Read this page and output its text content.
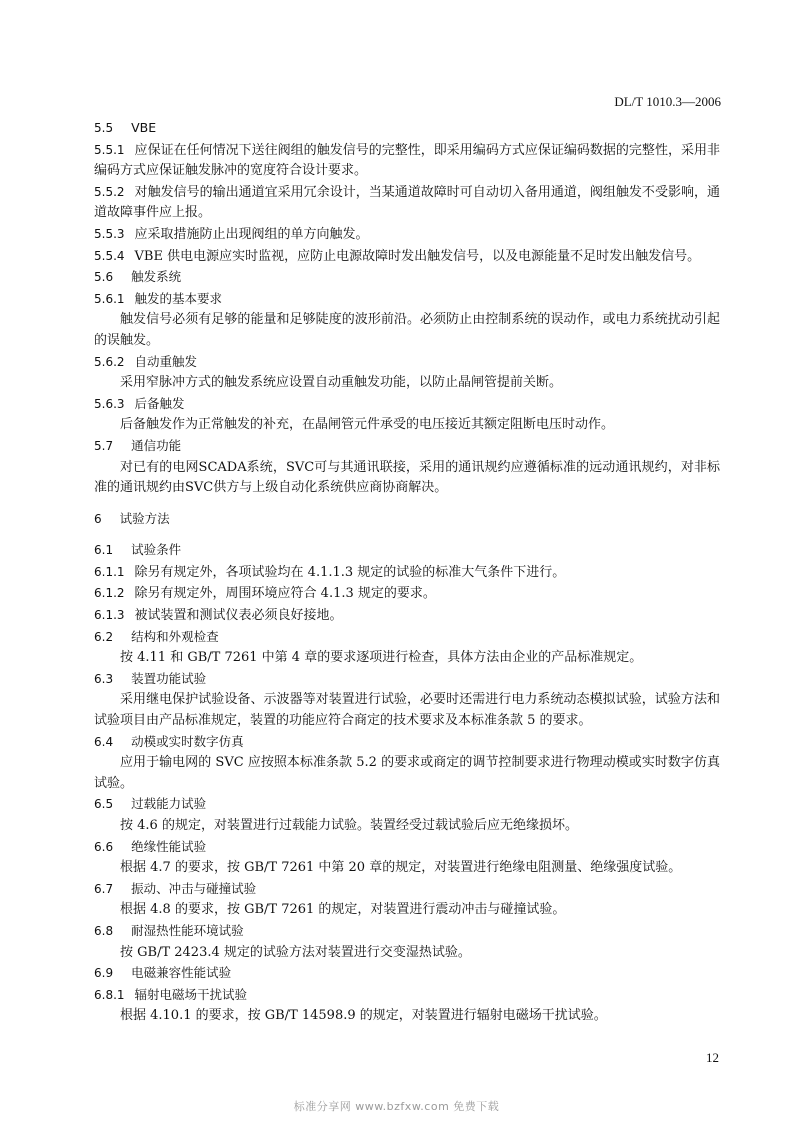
DL/T 1010.3—2006

5.5 VBE

5.5.1 应保证在任何情况下送往阀组的触发信号的完整性，即采用编码方式应保证编码数据的完整性，采用非编码方式应保证触发脉冲的宽度符合设计要求。

5.5.2 对触发信号的输出通道宜采用冗余设计，当某通道故障时可自动切入备用通道，阀组触发不受影响，通道故障事件应上报。

5.5.3 应采取措施防止出现阀组的单方向触发。

5.5.4 VBE 供电电源应实时监视，应防止电源故障时发出触发信号，以及电源能量不足时发出触发信号。

5.6 触发系统

5.6.1 触发的基本要求

触发信号必须有足够的能量和足够陡度的波形前沿。必须防止由控制系统的误动作，或电力系统扰动引起的误触发。

5.6.2 自动重触发

采用窄脉冲方式的触发系统应设置自动重触发功能，以防止晶闸管提前关断。

5.6.3 后备触发

后备触发作为正常触发的补充，在晶闸管元件承受的电压接近其额定阻断电压时动作。

5.7 通信功能

对已有的电网SCADA系统，SVC可与其通讯联接，采用的通讯规约应遵循标准的远动通讯规约，对非标准的通讯规约由SVC供方与上级自动化系统供应商协商解决。

6 试验方法

6.1 试验条件

6.1.1 除另有规定外，各项试验均在 4.1.1.3 规定的试验的标准大气条件下进行。

6.1.2 除另有规定外，周围环境应符合 4.1.3 规定的要求。

6.1.3 被试装置和测试仪表必须良好接地。

6.2 结构和外观检查

按 4.11 和 GB/T 7261 中第 4 章的要求逐项进行检查，具体方法由企业的产品标准规定。

6.3 装置功能试验

采用继电保护试验设备、示波器等对装置进行试验，必要时还需进行电力系统动态模拟试验，试验方法和试验项目由产品标准规定，装置的功能应符合商定的技术要求及本标准条款 5 的要求。

6.4 动模或实时数字仿真

应用于输电网的 SVC 应按照本标准条款 5.2 的要求或商定的调节控制要求进行物理动模或实时数字仿真试验。

6.5 过载能力试验

按 4.6 的规定，对装置进行过载能力试验。装置经受过载试验后应无绝缘损坏。

6.6 绝缘性能试验

根据 4.7 的要求，按 GB/T 7261 中第 20 章的规定，对装置进行绝缘电阻测量、绝缘强度试验。

6.7 振动、冲击与碰撞试验

根据 4.8 的要求，按 GB/T 7261 的规定，对装置进行震动冲击与碰撞试验。

6.8 耐湿热性能环境试验

按 GB/T 2423.4 规定的试验方法对装置进行交变湿热试验。

6.9 电磁兼容性能试验

6.8.1 辐射电磁场干扰试验

根据 4.10.1 的要求，按 GB/T 14598.9 的规定，对装置进行辐射电磁场干扰试验。

12
标准分享网 www.bzfxw.com 免费下载
